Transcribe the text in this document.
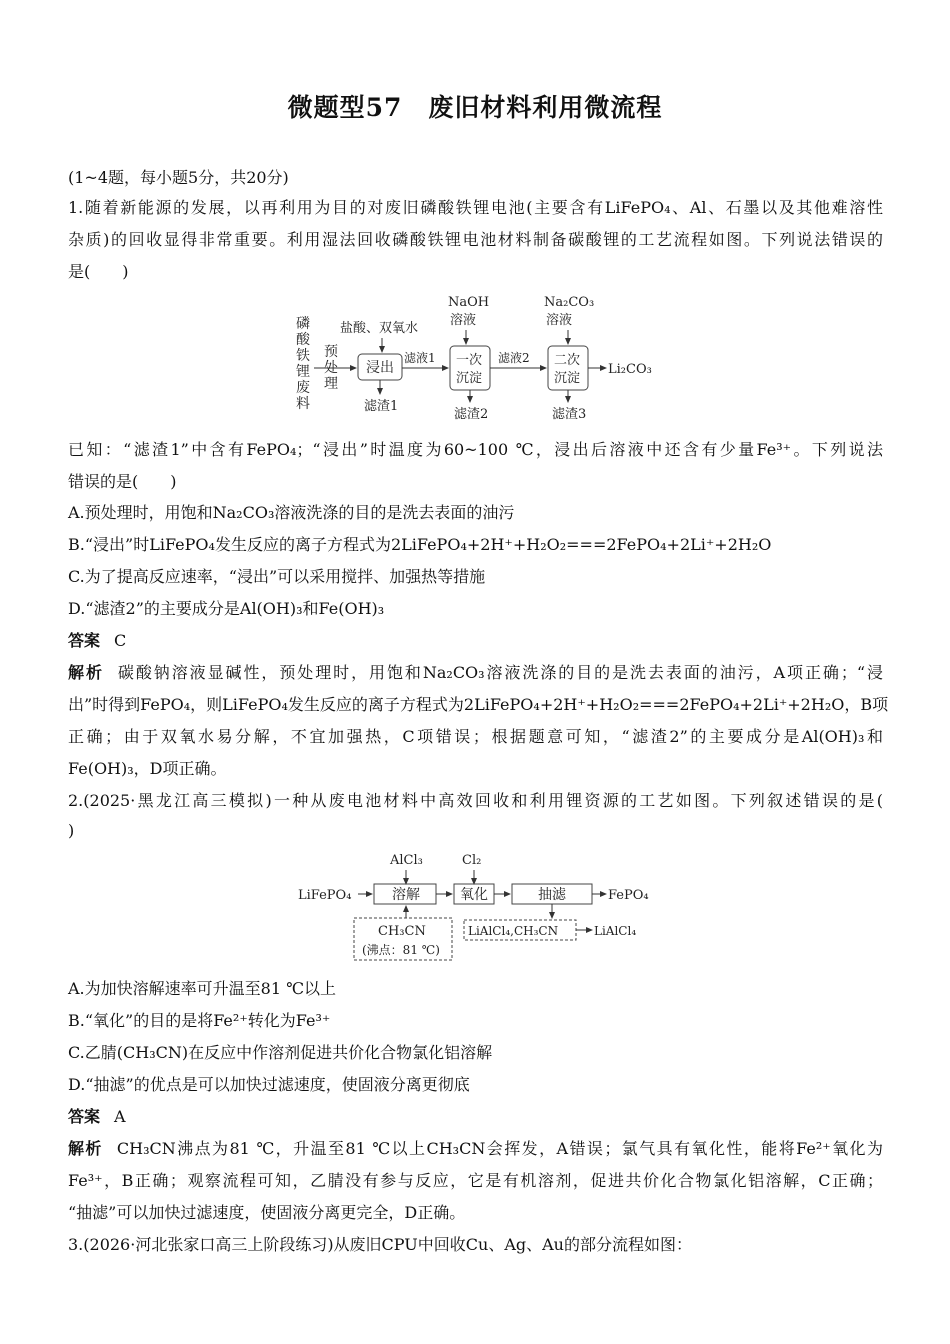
微题型57　废旧材料利用微流程
(1~4题，每小题5分，共20分)
1.随着新能源的发展，以再利用为目的对废旧磷酸铁锂电池(主要含有LiFePO₄、Al、石墨以及其他难溶性
杂质)的回收显得非常重要。利用湿法回收磷酸铁锂电池材料制备碳酸锂的工艺流程如图。下列说法错误的
是(　　)
磷
酸
铁
锂
废
料
预
处
理
盐酸、双氧水
浸出
滤渣1
滤液1
NaOH
溶液
一次
沉淀
滤渣2
滤液2
Na₂CO₃
溶液
二次
沉淀
滤渣3
Li₂CO₃
已知：“滤渣1”中含有FePO₄；“浸出”时温度为60~100 ℃，浸出后溶液中还含有少量Fe³⁺。下列说法
错误的是(　　)
A.预处理时，用饱和Na₂CO₃溶液洗涤的目的是洗去表面的油污
B.“浸出”时LiFePO₄发生反应的离子方程式为2LiFePO₄+2H⁺+H₂O₂===2FePO₄+2Li⁺+2H₂O
C.为了提高反应速率，“浸出”可以采用搅拌、加强热等措施
D.“滤渣2”的主要成分是Al(OH)₃和Fe(OH)₃
答案 C
解析 碳酸钠溶液显碱性，预处理时，用饱和Na₂CO₃溶液洗涤的目的是洗去表面的油污，A项正确；“浸
出”时得到FePO₄，则LiFePO₄发生反应的离子方程式为2LiFePO₄+2H⁺+H₂O₂===2FePO₄+2Li⁺+2H₂O，B项
正确；由于双氧水易分解，不宜加强热，C项错误；根据题意可知，“滤渣2”的主要成分是Al(OH)₃和
Fe(OH)₃，D项正确。
2.(2025·黑龙江高三模拟)一种从废电池材料中高效回收和利用锂资源的工艺如图。下列叙述错误的是(
)
AlCl₃	Cl₂
LiFePO₄	溶解	氧化	抽滤	FePO₄
CH₃CN
(沸点：81 ℃)
LiAlCl₄,CH₃CN	LiAlCl₄
A.为加快溶解速率可升温至81 ℃以上
B.“氧化”的目的是将Fe²⁺转化为Fe³⁺
C.乙腈(CH₃CN)在反应中作溶剂促进共价化合物氯化铝溶解
D.“抽滤”的优点是可以加快过滤速度，使固液分离更彻底
答案 A
解析 CH₃CN沸点为81 ℃，升温至81 ℃以上CH₃CN会挥发，A错误；氯气具有氧化性，能将Fe²⁺氧化为
Fe³⁺，B正确；观察流程可知，乙腈没有参与反应，它是有机溶剂，促进共价化合物氯化铝溶解，C正确；
“抽滤”可以加快过滤速度，使固液分离更完全，D正确。
3.(2026·河北张家口高三上阶段练习)从废旧CPU中回收Cu、Ag、Au的部分流程如图：
